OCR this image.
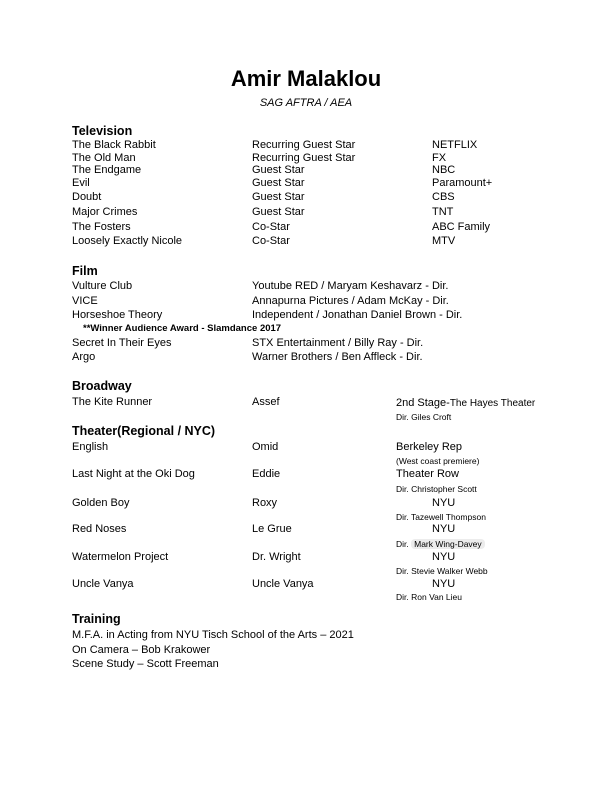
Amir Malaklou
SAG AFTRA / AEA
Television
The Black Rabbit	Recurring Guest Star	NETFLIX
The Old Man	Recurring Guest Star	FX
The Endgame	Guest Star	NBC
Evil	Guest Star	Paramount+
Doubt	Guest Star	CBS
Major Crimes	Guest Star	TNT
The Fosters	Co-Star	ABC Family
Loosely Exactly Nicole	Co-Star	MTV
Film
Vulture Club	Youtube RED / Maryam Keshavarz - Dir.
VICE	Annapurna Pictures / Adam McKay - Dir.
Horseshoe Theory	Independent / Jonathan Daniel Brown - Dir.
**Winner Audience Award - Slamdance 2017
Secret In Their Eyes	STX Entertainment / Billy Ray - Dir.
Argo	Warner Brothers / Ben Affleck - Dir.
Broadway
The Kite Runner	Assef	2nd Stage-The Hayes Theater
Dir. Giles Croft
Theater(Regional / NYC)
English	Omid	Berkeley Rep
(West coast premiere)
Last Night at the Oki Dog	Eddie	Theater Row
Dir. Christopher Scott
Golden Boy	Roxy	NYU
Dir. Tazewell Thompson
Red Noses	Le Grue	NYU
Dir. Mark Wing-Davey
Watermelon Project	Dr. Wright	NYU
Dir. Stevie Walker Webb
Uncle Vanya	Uncle Vanya	NYU
Dir. Ron Van Lieu
Training
M.F.A. in Acting from NYU Tisch School of the Arts – 2021
On Camera – Bob Krakower
Scene Study – Scott Freeman
